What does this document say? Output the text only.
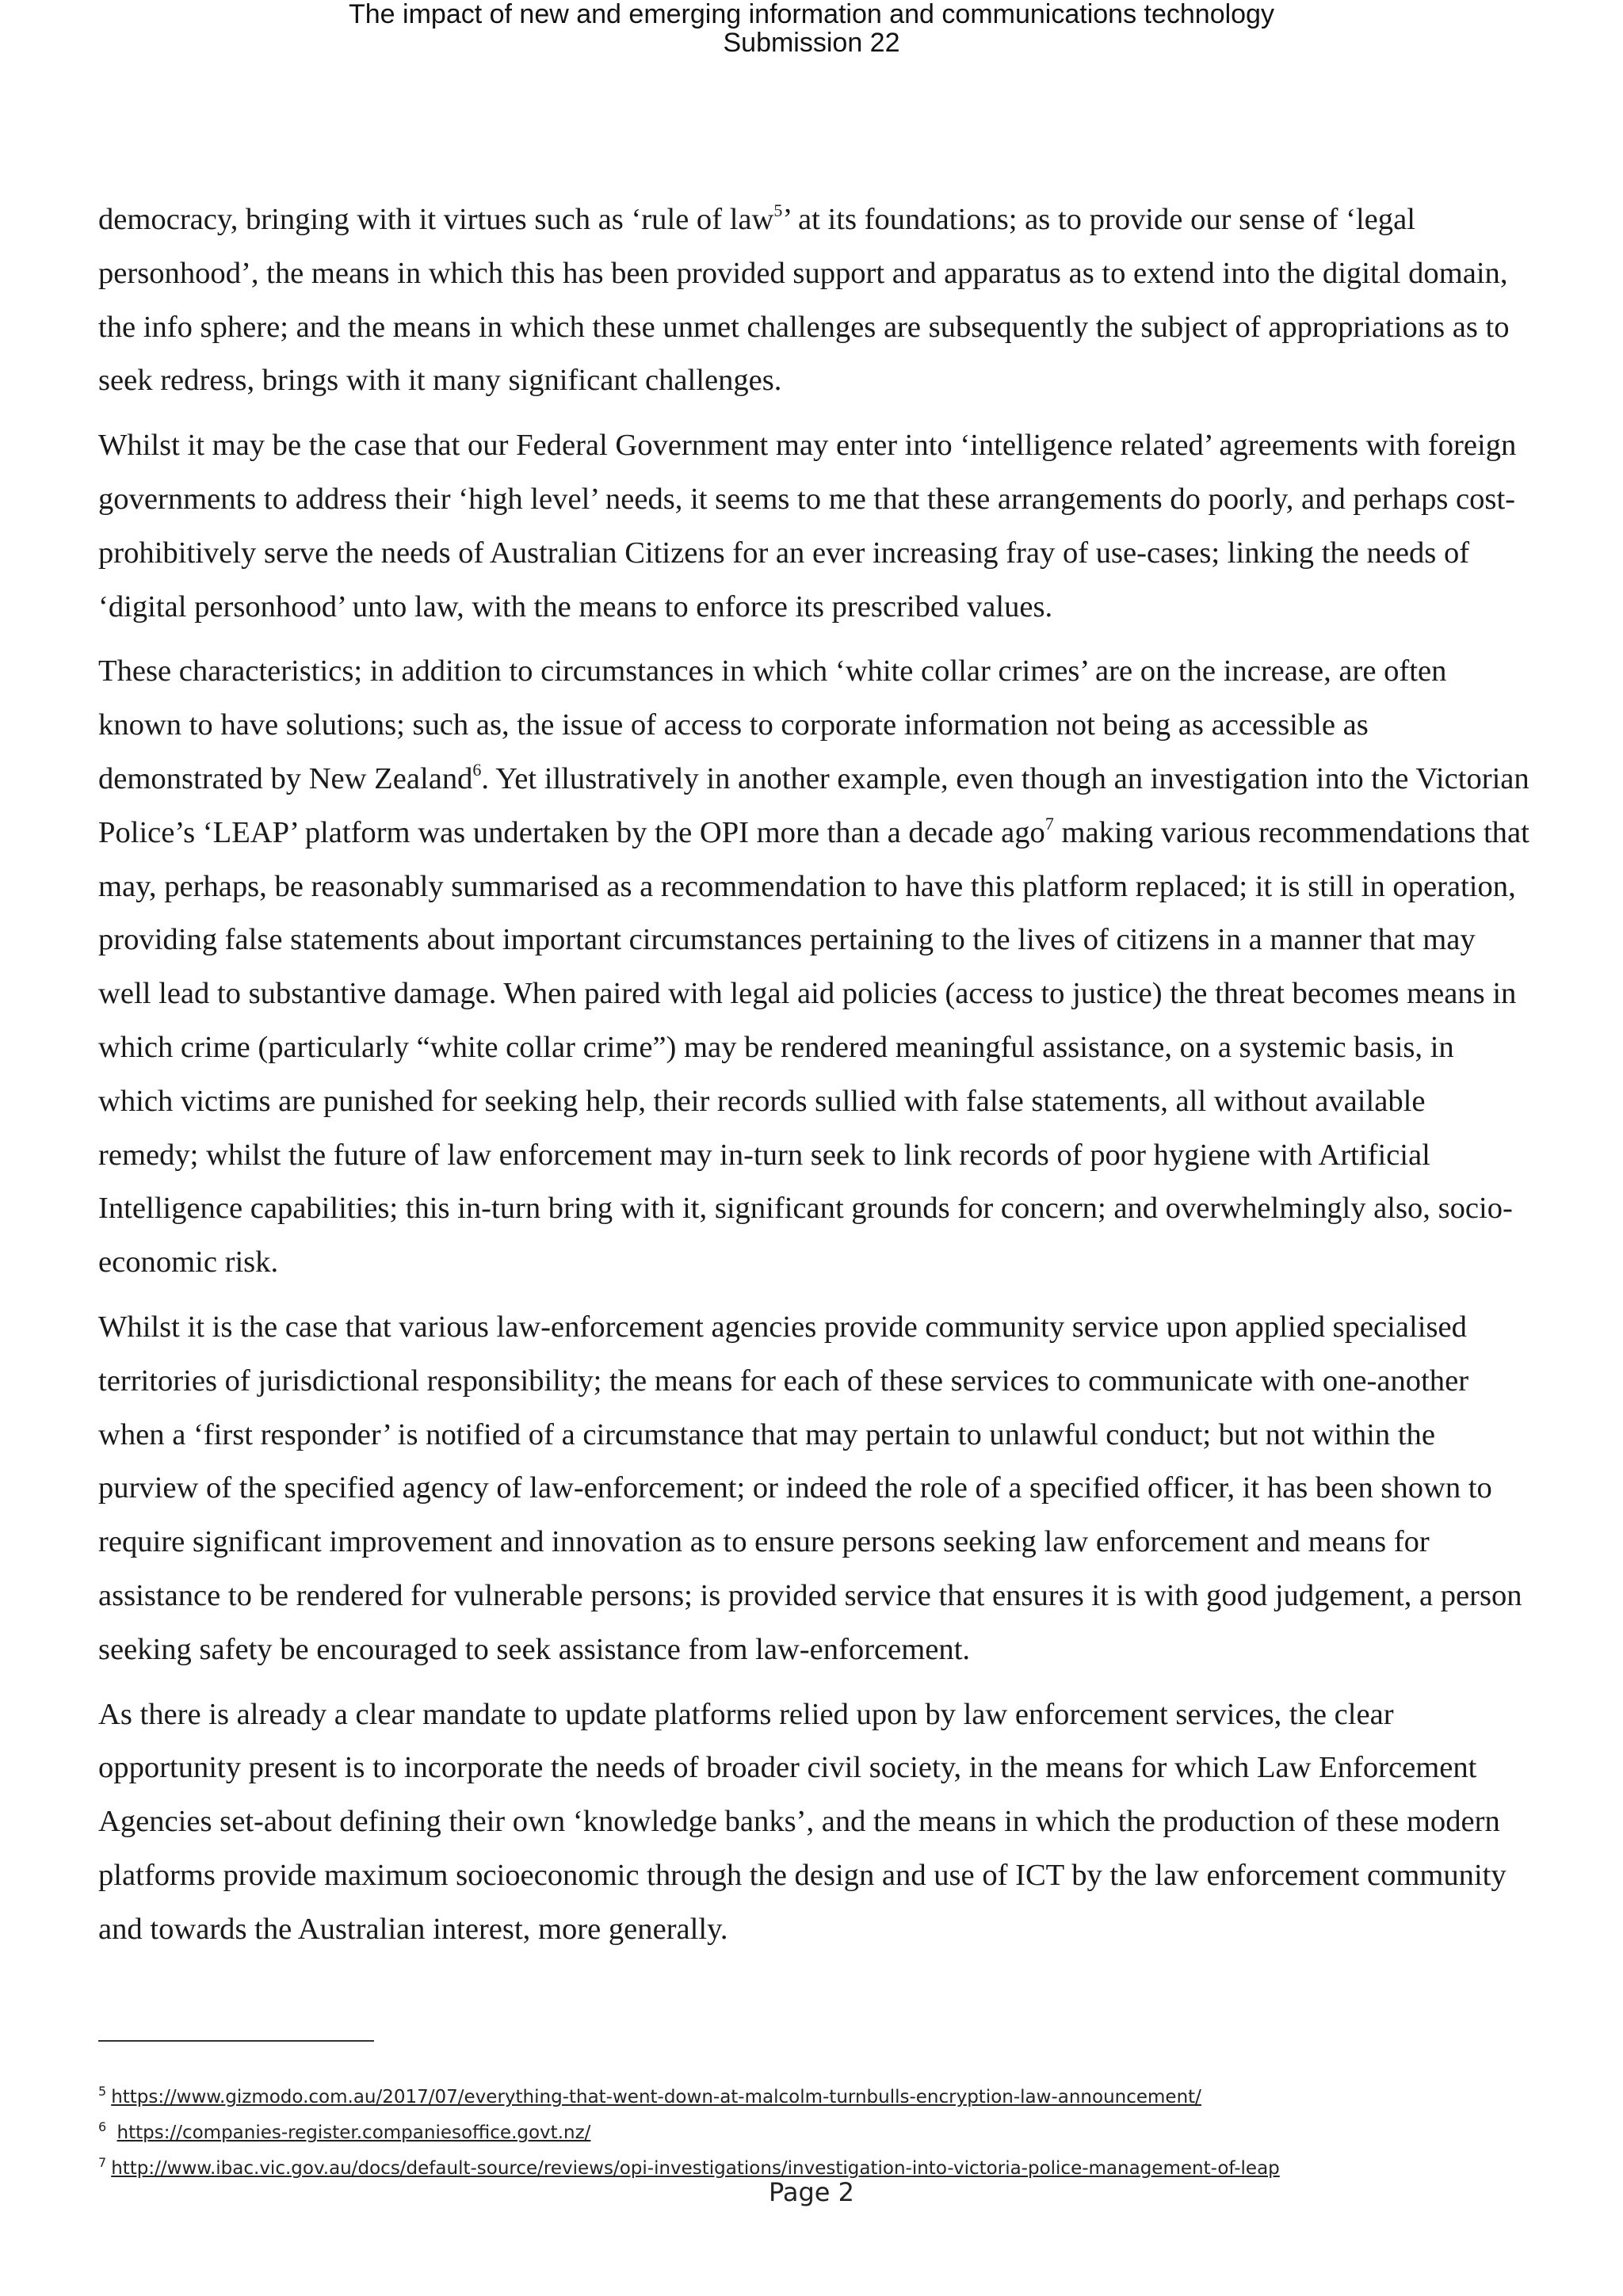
The impact of new and emerging information and communications technology
Submission 22

democracy, bringing with it virtues such as ‘rule of law$^5$’ at its foundations; as to provide our sense of ‘legal personhood’, the means in which this has been provided support and apparatus as to extend into the digital domain, the info sphere; and the means in which these unmet challenges are subsequently the subject of appropriations as to seek redress, brings with it many significant challenges.

Whilst it may be the case that our Federal Government may enter into ‘intelligence related’ agreements with foreign governments to address their ‘high level’ needs, it seems to me that these arrangements do poorly, and perhaps cost-prohibitively serve the needs of Australian Citizens for an ever increasing fray of use-cases; linking the needs of ‘digital personhood’ unto law, with the means to enforce its prescribed values.

These characteristics; in addition to circumstances in which ‘white collar crimes’ are on the increase, are often known to have solutions; such as, the issue of access to corporate information not being as accessible as demonstrated by New Zealand$^6$. Yet illustratively in another example, even though an investigation into the Victorian Police’s ‘LEAP’ platform was undertaken by the OPI more than a decade ago$^7$ making various recommendations that may, perhaps, be reasonably summarised as a recommendation to have this platform replaced; it is still in operation, providing false statements about important circumstances pertaining to the lives of citizens in a manner that may well lead to substantive damage. When paired with legal aid policies (access to justice) the threat becomes means in which crime (particularly “white collar crime”) may be rendered meaningful assistance, on a systemic basis, in which victims are punished for seeking help, their records sullied with false statements, all without available remedy; whilst the future of law enforcement may in-turn seek to link records of poor hygiene with Artificial Intelligence capabilities; this in-turn bring with it, significant grounds for concern; and overwhelmingly also, socio-economic risk.

Whilst it is the case that various law-enforcement agencies provide community service upon applied specialised territories of jurisdictional responsibility; the means for each of these services to communicate with one-another when a ‘first responder’ is notified of a circumstance that may pertain to unlawful conduct; but not within the purview of the specified agency of law-enforcement; or indeed the role of a specified officer, it has been shown to require significant improvement and innovation as to ensure persons seeking law enforcement and means for assistance to be rendered for vulnerable persons; is provided service that ensures it is with good judgement, a person seeking safety be encouraged to seek assistance from law-enforcement.

As there is already a clear mandate to update platforms relied upon by law enforcement services, the clear opportunity present is to incorporate the needs of broader civil society, in the means for which Law Enforcement Agencies set-about defining their own ‘knowledge banks’, and the means in which the production of these modern platforms provide maximum socioeconomic through the design and use of ICT by the law enforcement community and towards the Australian interest, more generally.

$^5$ https://www.gizmodo.com.au/2017/07/everything-that-went-down-at-malcolm-turnbulls-encryption-law-announcement/
$^6$ https://companies-register.companiesoffice.govt.nz/
$^7$ http://www.ibac.vic.gov.au/docs/default-source/reviews/opi-investigations/investigation-into-victoria-police-management-of-leap
Page 2
